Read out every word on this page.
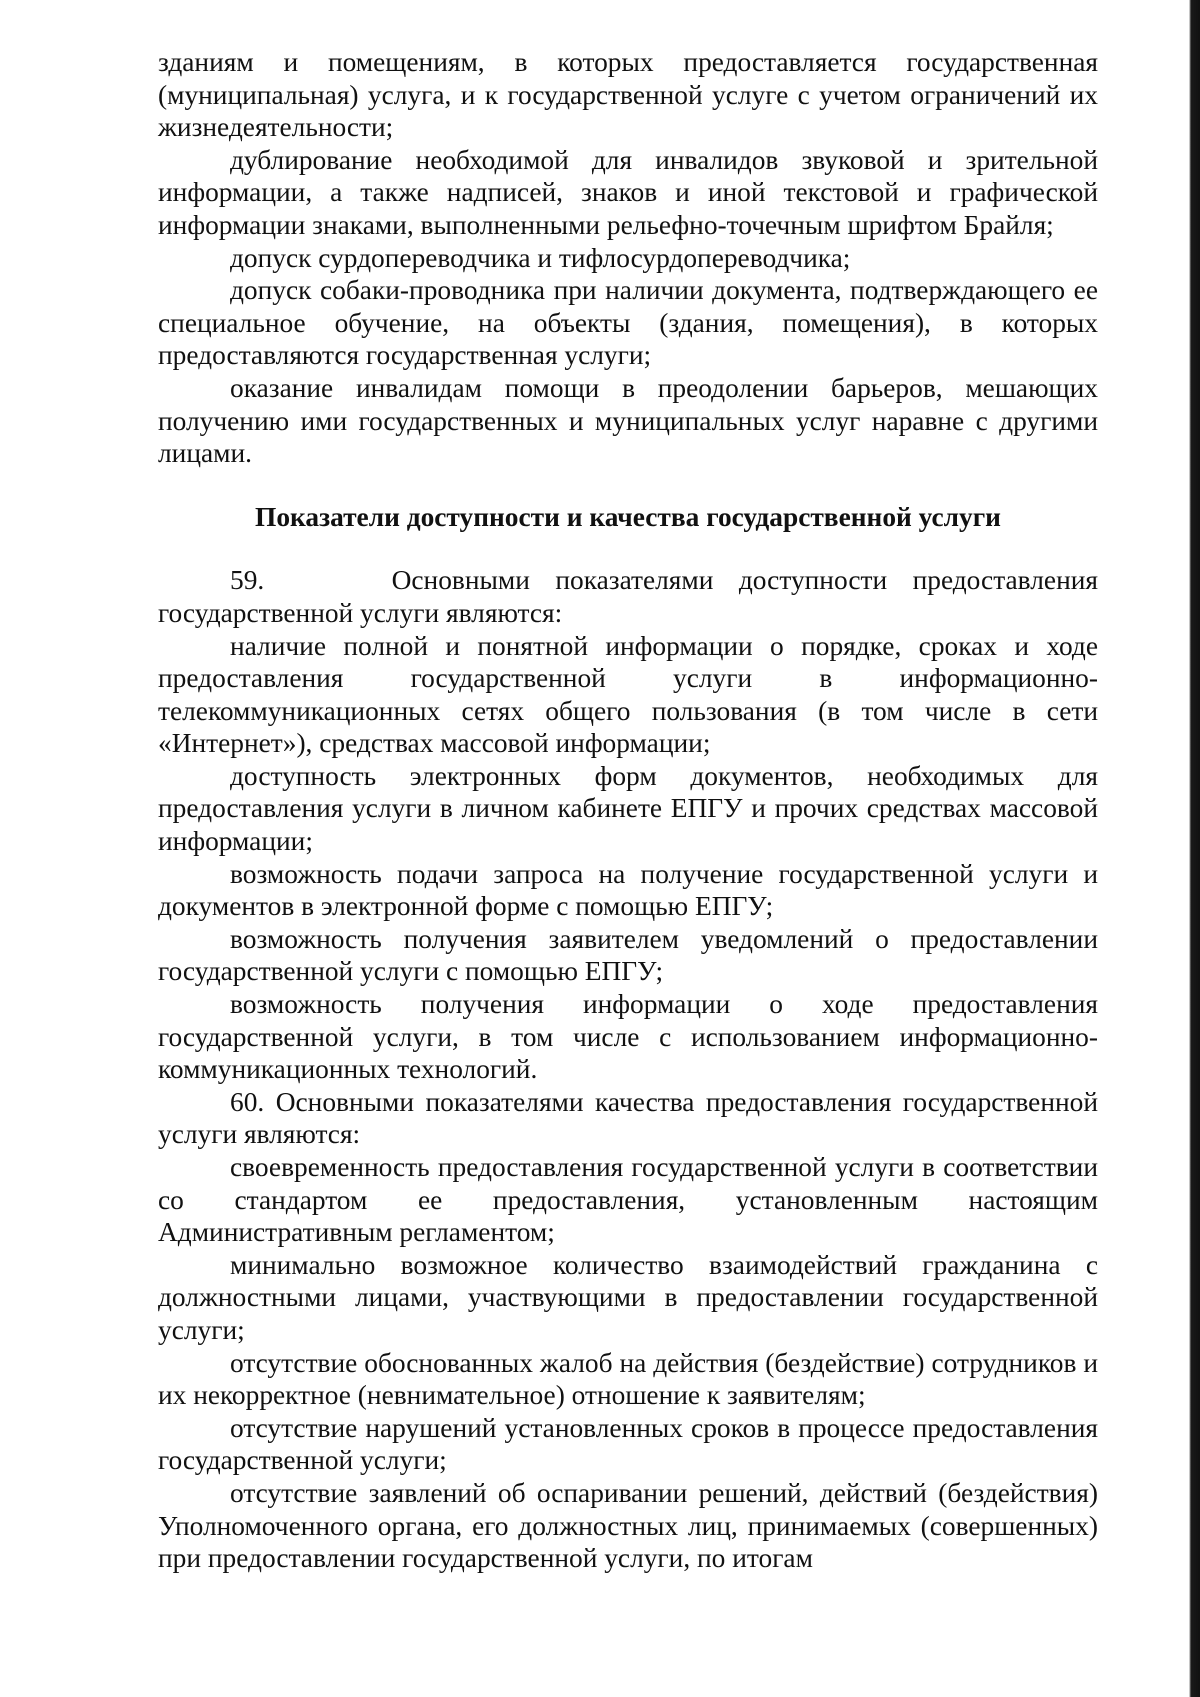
зданиям и помещениям, в которых предоставляется государственная (муниципальная) услуга, и к государственной услуге с учетом ограничений их жизнедеятельности;

дублирование необходимой для инвалидов звуковой и зрительной информации, а также надписей, знаков и иной текстовой и графической информации знаками, выполненными рельефно-точечным шрифтом Брайля;

допуск сурдопереводчика и тифлосурдопереводчика;

допуск собаки-проводника при наличии документа, подтверждающего ее специальное обучение, на объекты (здания, помещения), в которых предоставляются государственная услуги;

оказание инвалидам помощи в преодолении барьеров, мешающих получению ими государственных и муниципальных услуг наравне с другими лицами.

Показатели доступности и качества государственной услуги

59.     Основными показателями доступности предоставления государственной услуги являются:

наличие полной и понятной информации о порядке, сроках и ходе предоставления государственной услуги в информационно-телекоммуникационных сетях общего пользования (в том числе в сети «Интернет»), средствах массовой информации;

доступность электронных форм документов, необходимых для предоставления услуги в личном кабинете ЕПГУ и прочих средствах массовой информации;

возможность подачи запроса на получение государственной услуги и документов в электронной форме с помощью ЕПГУ;

возможность получения заявителем уведомлений о предоставлении государственной услуги с помощью ЕПГУ;

возможность получения информации о ходе предоставления государственной услуги, в том числе с использованием информационно-коммуникационных технологий.

60. Основными показателями качества предоставления государственной услуги являются:

своевременность предоставления государственной услуги в соответствии со стандартом ее предоставления, установленным настоящим Административным регламентом;

минимально возможное количество взаимодействий гражданина с должностными лицами, участвующими в предоставлении государственной услуги;

отсутствие обоснованных жалоб на действия (бездействие) сотрудников и их некорректное (невнимательное) отношение к заявителям;

отсутствие нарушений установленных сроков в процессе предоставления государственной услуги;

отсутствие заявлений об оспаривании решений, действий (бездействия) Уполномоченного органа, его должностных лиц, принимаемых (совершенных) при предоставлении государственной услуги, по итогам
